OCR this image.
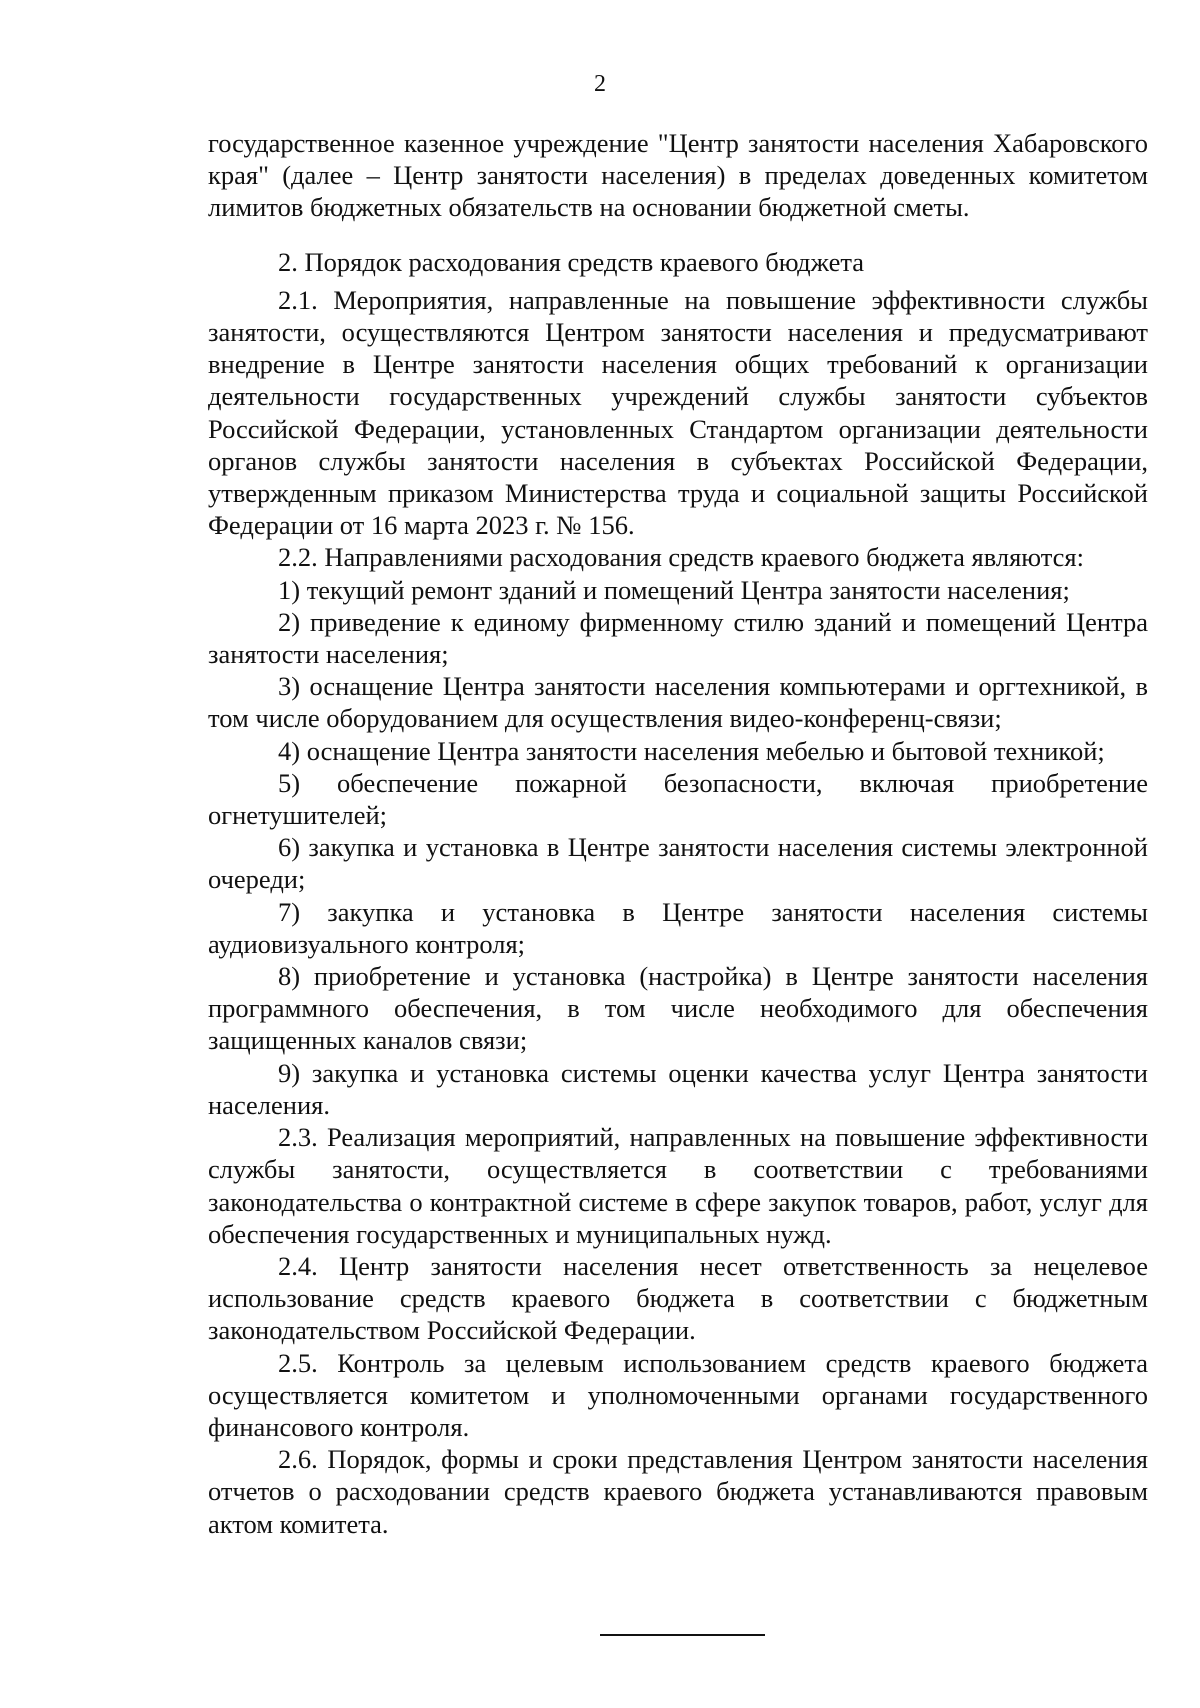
2

государственное казенное учреждение "Центр занятости населения Хабаровского края" (далее – Центр занятости населения) в пределах доведенных комитетом лимитов бюджетных обязательств на основании бюджетной сметы.

2. Порядок расходования средств краевого бюджета

2.1. Мероприятия, направленные на повышение эффективности службы занятости, осуществляются Центром занятости населения и предусматривают внедрение в Центре занятости населения общих требований к организации деятельности государственных учреждений службы занятости субъектов Российской Федерации, установленных Стандартом организации деятельности органов службы занятости населения в субъектах Российской Федерации, утвержденным приказом Министерства труда и социальной защиты Российской Федерации от 16 марта 2023 г. № 156.

2.2. Направлениями расходования средств краевого бюджета являются:

1) текущий ремонт зданий и помещений Центра занятости населения;

2) приведение к единому фирменному стилю зданий и помещений Центра занятости населения;

3) оснащение Центра занятости населения компьютерами и оргтехникой, в том числе оборудованием для осуществления видео-конференц-связи;

4) оснащение Центра занятости населения мебелью и бытовой техникой;

5) обеспечение пожарной безопасности, включая приобретение огнетушителей;

6) закупка и установка в Центре занятости населения системы электронной очереди;

7) закупка и установка в Центре занятости населения системы аудиовизуального контроля;

8) приобретение и установка (настройка) в Центре занятости населения программного обеспечения, в том числе необходимого для обеспечения защищенных каналов связи;

9) закупка и установка системы оценки качества услуг Центра занятости населения.

2.3. Реализация мероприятий, направленных на повышение эффективности службы занятости, осуществляется в соответствии с требованиями законодательства о контрактной системе в сфере закупок товаров, работ, услуг для обеспечения государственных и муниципальных нужд.

2.4. Центр занятости населения несет ответственность за нецелевое использование средств краевого бюджета в соответствии с бюджетным законодательством Российской Федерации.

2.5. Контроль за целевым использованием средств краевого бюджета осуществляется комитетом и уполномоченными органами государственного финансового контроля.

2.6. Порядок, формы и сроки представления Центром занятости населения отчетов о расходовании средств краевого бюджета устанавливаются правовым актом комитета.
